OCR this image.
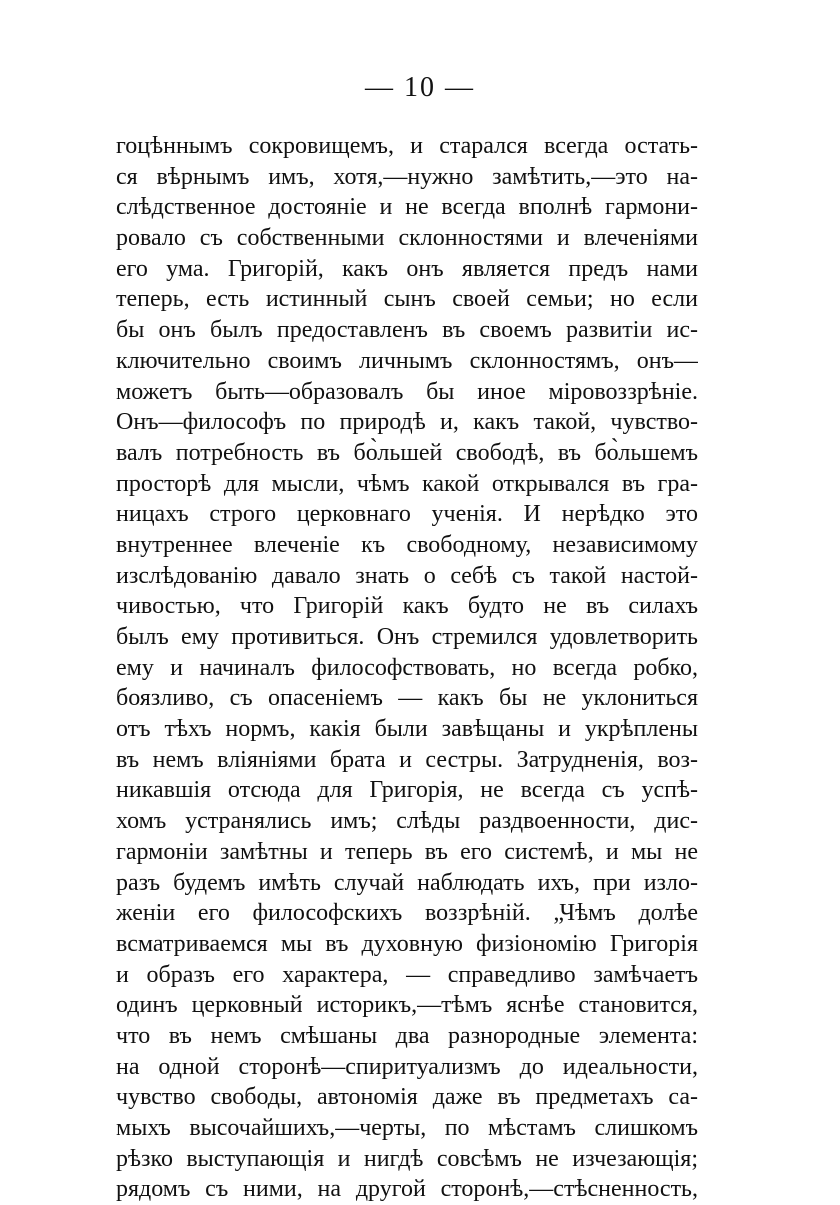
— 10 —
гоцѣннымъ сокровищемъ, и старался всегда остать-
ся вѣрнымъ имъ, хотя,—нужно замѣтить,—это на-
слѣдственное достояніе и не всегда вполнѣ гармони-
ровало съ собственными склонностями и влеченіями
его ума. Григорій, какъ онъ является предъ нами
теперь, есть истинный сынъ своей семьи; но если
бы онъ былъ предоставленъ въ своемъ развитіи ис-
ключительно своимъ личнымъ склонностямъ, онъ—
можетъ быть—образовалъ бы иное міровоззрѣніе.
Онъ—философъ по природѣ и, какъ такой, чувство-
валъ потребность въ бо̀льшей свободѣ, въ бо̀льшемъ
просторѣ для мысли, чѣмъ какой открывался въ гра-
ницахъ строго церковнаго ученія. И нерѣдко это
внутреннее влеченіе къ свободному, независимому
изслѣдованію давало знать о себѣ съ такой настой-
чивостью, что Григорій какъ будто не въ силахъ
былъ ему противиться. Онъ стремился удовлетворить
ему и начиналъ философствовать, но всегда робко,
боязливо, съ опасеніемъ — какъ бы не уклониться
отъ тѣхъ нормъ, какія были завѣщаны и укрѣплены
въ немъ вліяніями брата и сестры. Затрудненія, воз-
никавшія отсюда для Григорія, не всегда съ успѣ-
хомъ устранялись имъ; слѣды раздвоенности, дис-
гармоніи замѣтны и теперь въ его системѣ, и мы не
разъ будемъ имѣть случай наблюдать ихъ, при изло-
женіи его философскихъ воззрѣній. „Чѣмъ долѣе
всматриваемся мы въ духовную физіономію Григорія
и образъ его характера, — справедливо замѣчаетъ
одинъ церковный историкъ,—тѣмъ яснѣе становится,
что въ немъ смѣшаны два разнородные элемента:
на одной сторонѣ—спиритуализмъ до идеальности,
чувство свободы, автономія даже въ предметахъ са-
мыхъ высочайшихъ,—черты, по мѣстамъ слишкомъ
рѣзко выступающія и нигдѣ совсѣмъ не изчезающія;
рядомъ съ ними, на другой сторонѣ,—стѣсненность,
